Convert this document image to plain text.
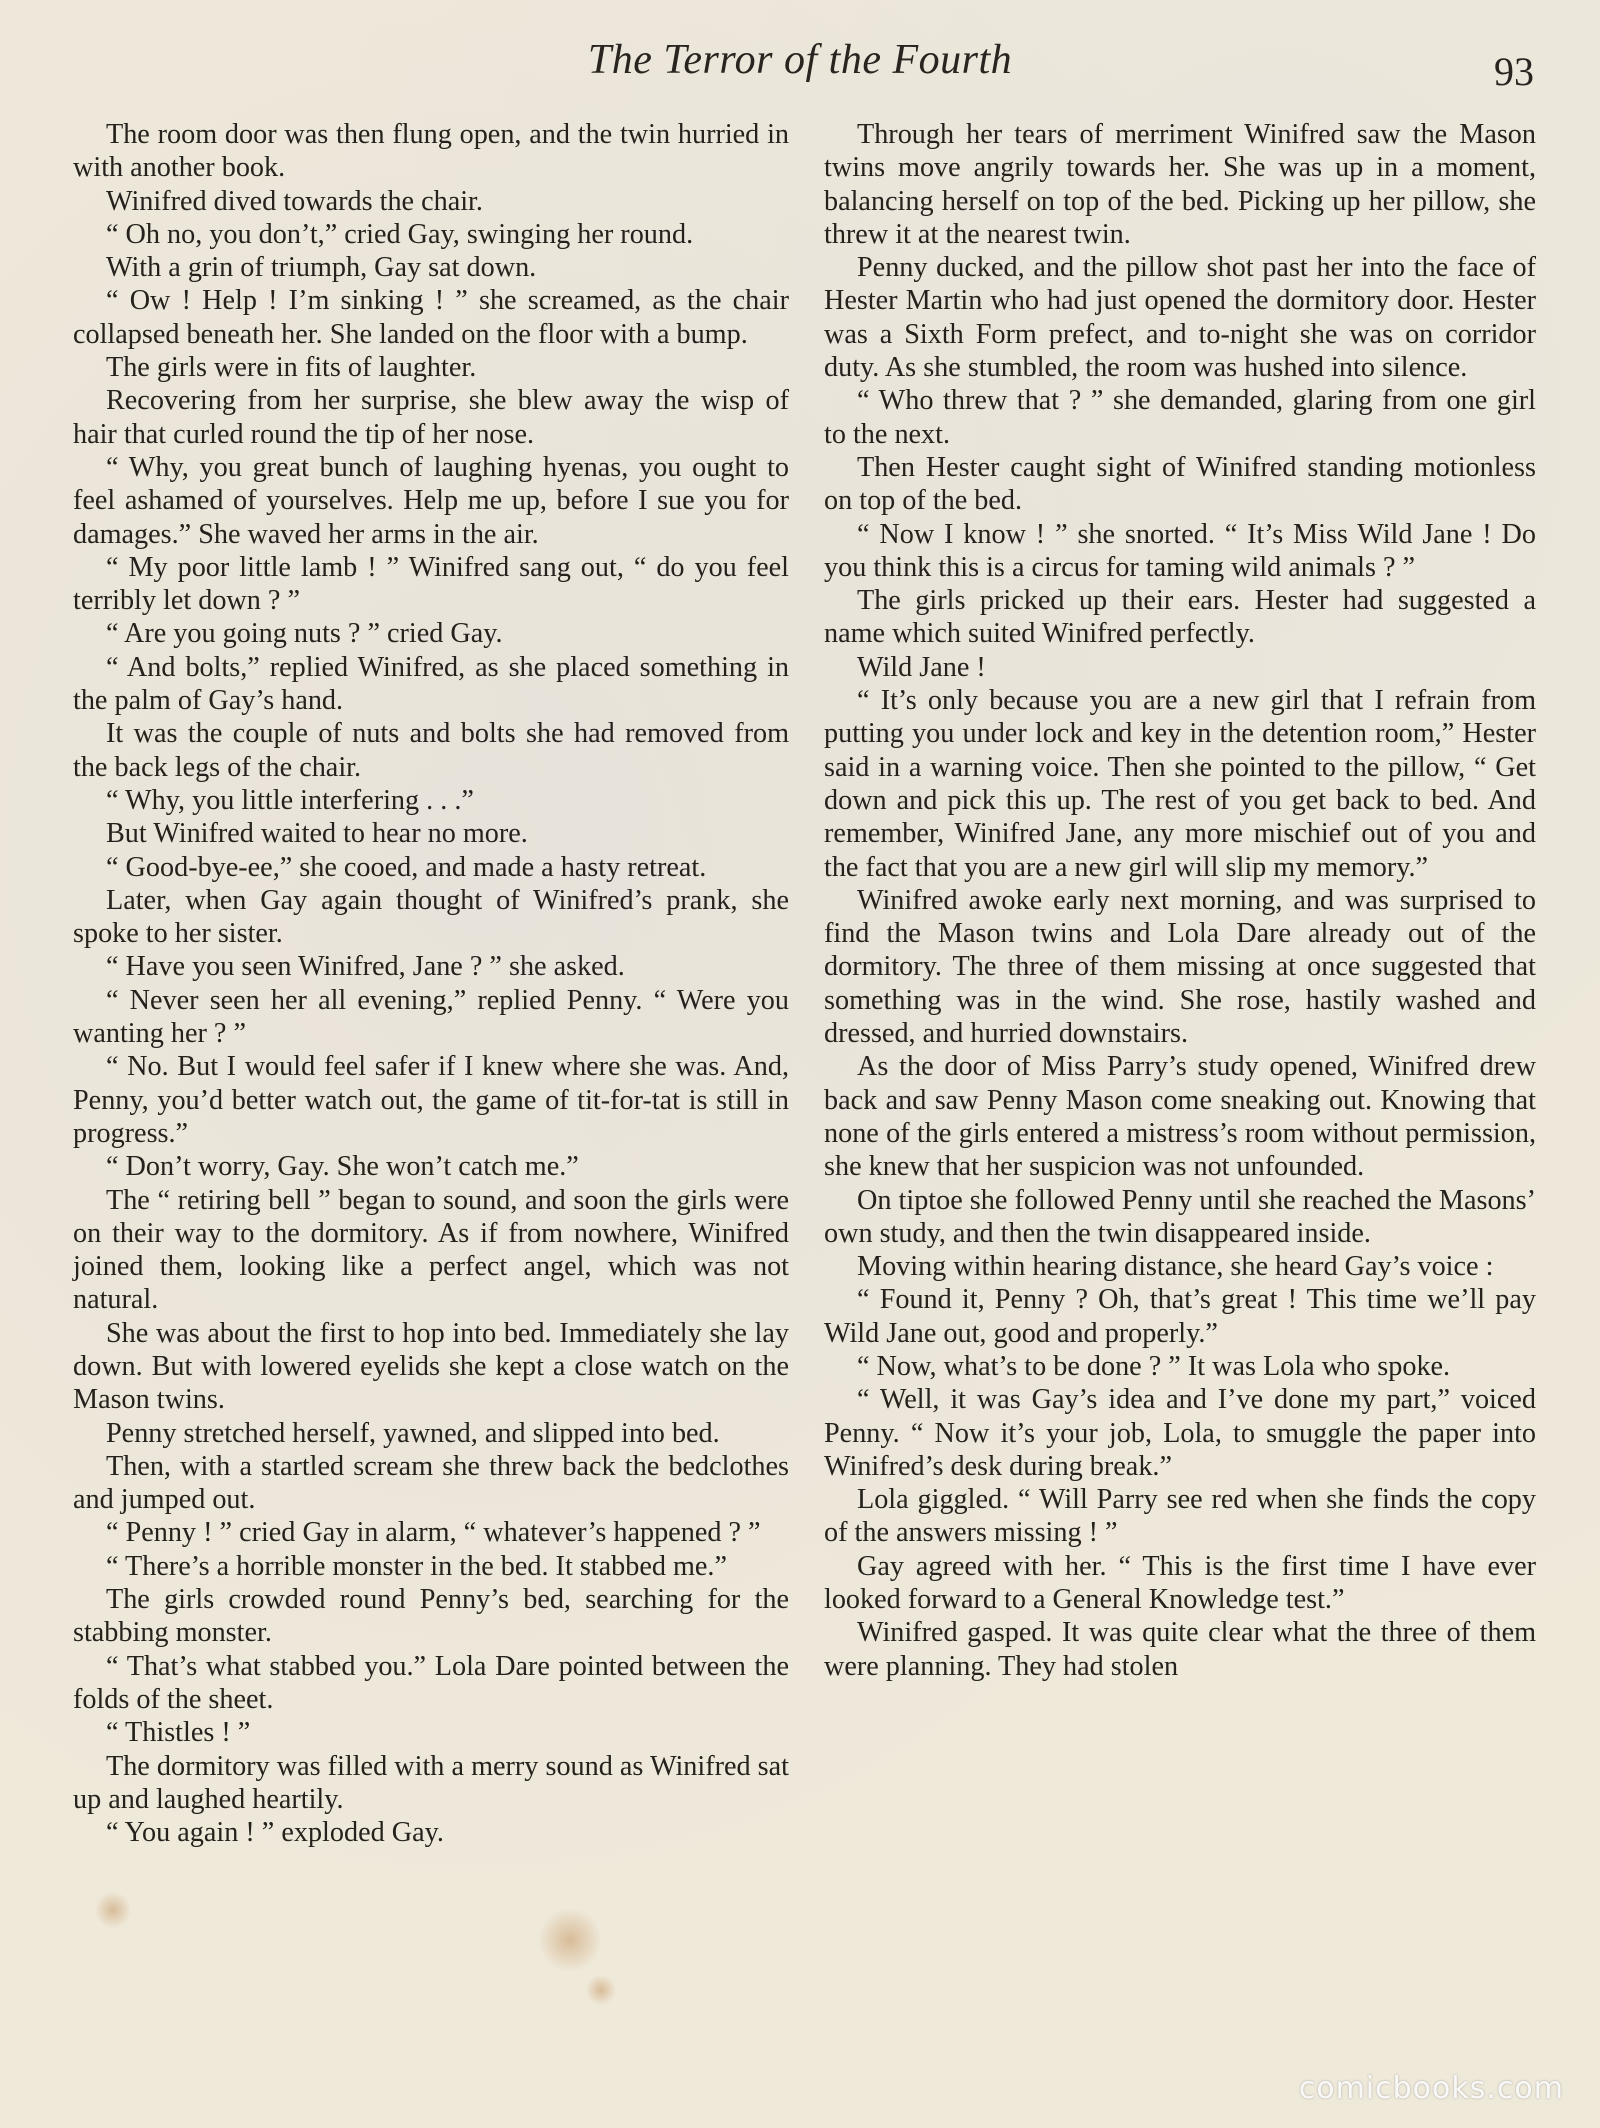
The Terror of the Fourth	93

The room door was then flung open, and the twin hurried in with another book.

Winifred dived towards the chair.

“ Oh no, you don’t,” cried Gay, swinging her round.

With a grin of triumph, Gay sat down.

“ Ow ! Help ! I’m sinking ! ” she screamed, as the chair collapsed beneath her. She landed on the floor with a bump.

The girls were in fits of laughter.

Recovering from her surprise, she blew away the wisp of hair that curled round the tip of her nose.

“ Why, you great bunch of laughing hyenas, you ought to feel ashamed of yourselves. Help me up, before I sue you for damages.” She waved her arms in the air.

“ My poor little lamb ! ” Winifred sang out, “ do you feel terribly let down ? ”

“ Are you going nuts ? ” cried Gay.

“ And bolts,” replied Winifred, as she placed something in the palm of Gay’s hand.

It was the couple of nuts and bolts she had removed from the back legs of the chair.

“ Why, you little interfering . . .”

But Winifred waited to hear no more.

“ Good-bye-ee,” she cooed, and made a hasty retreat.

Later, when Gay again thought of Winifred’s prank, she spoke to her sister.

“ Have you seen Winifred, Jane ? ” she asked.

“ Never seen her all evening,” replied Penny. “ Were you wanting her ? ”

“ No. But I would feel safer if I knew where she was. And, Penny, you’d better watch out, the game of tit-for-tat is still in progress.”

“ Don’t worry, Gay. She won’t catch me.”

The “ retiring bell ” began to sound, and soon the girls were on their way to the dormitory. As if from nowhere, Winifred joined them, looking like a perfect angel, which was not natural.

She was about the first to hop into bed. Immediately she lay down. But with lowered eyelids she kept a close watch on the Mason twins.

Penny stretched herself, yawned, and slipped into bed.

Then, with a startled scream she threw back the bedclothes and jumped out.

“ Penny ! ” cried Gay in alarm, “ whatever’s happened ? ”

“ There’s a horrible monster in the bed. It stabbed me.”

The girls crowded round Penny’s bed, searching for the stabbing monster.

“ That’s what stabbed you.” Lola Dare pointed between the folds of the sheet.

“ Thistles ! ”

The dormitory was filled with a merry sound as Winifred sat up and laughed heartily.

“ You again ! ” exploded Gay.

Through her tears of merriment Winifred saw the Mason twins move angrily towards her. She was up in a moment, balancing herself on top of the bed. Picking up her pillow, she threw it at the nearest twin.

Penny ducked, and the pillow shot past her into the face of Hester Martin who had just opened the dormitory door. Hester was a Sixth Form prefect, and to-night she was on corridor duty. As she stumbled, the room was hushed into silence.

“ Who threw that ? ” she demanded, glaring from one girl to the next.

Then Hester caught sight of Winifred standing motionless on top of the bed.

“ Now I know ! ” she snorted. “ It’s Miss Wild Jane ! Do you think this is a circus for taming wild animals ? ”

The girls pricked up their ears. Hester had suggested a name which suited Winifred perfectly.

Wild Jane !

“ It’s only because you are a new girl that I refrain from putting you under lock and key in the detention room,” Hester said in a warning voice. Then she pointed to the pillow, “ Get down and pick this up. The rest of you get back to bed. And remember, Winifred Jane, any more mischief out of you and the fact that you are a new girl will slip my memory.”

Winifred awoke early next morning, and was surprised to find the Mason twins and Lola Dare already out of the dormitory. The three of them missing at once suggested that something was in the wind. She rose, hastily washed and dressed, and hurried downstairs.

As the door of Miss Parry’s study opened, Winifred drew back and saw Penny Mason come sneaking out. Knowing that none of the girls entered a mistress’s room without permission, she knew that her suspicion was not unfounded.

On tiptoe she followed Penny until she reached the Masons’ own study, and then the twin disappeared inside.

Moving within hearing distance, she heard Gay’s voice :

“ Found it, Penny ? Oh, that’s great ! This time we’ll pay Wild Jane out, good and properly.”

“ Now, what’s to be done ? ” It was Lola who spoke.

“ Well, it was Gay’s idea and I’ve done my part,” voiced Penny. “ Now it’s your job, Lola, to smuggle the paper into Winifred’s desk during break.”

Lola giggled. “ Will Parry see red when she finds the copy of the answers missing ! ”

Gay agreed with her. “ This is the first time I have ever looked forward to a General Knowledge test.”

Winifred gasped. It was quite clear what the three of them were planning. They had stolen

comicbooks.com
